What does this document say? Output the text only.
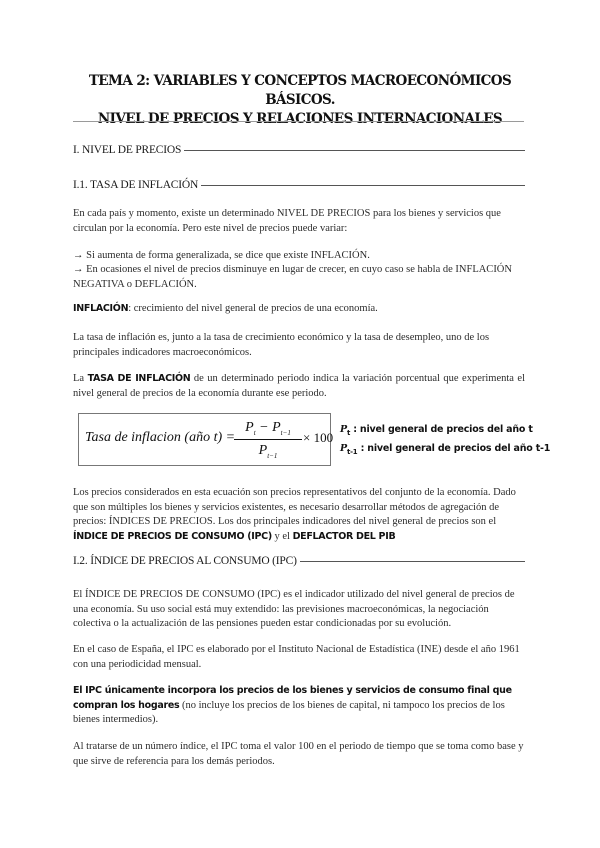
TEMA 2: VARIABLES Y CONCEPTOS MACROECONÓMICOS BÁSICOS.
NIVEL DE PRECIOS Y RELACIONES INTERNACIONALES
I. NIVEL DE PRECIOS
I.1. TASA DE INFLACIÓN

En cada país y momento, existe un determinado NIVEL DE PRECIOS para los bienes y servicios que circulan por la economía. Pero este nivel de precios puede variar:

→ Si aumenta de forma generalizada, se dice que existe INFLACIÓN.

→ En ocasiones el nivel de precios disminuye en lugar de crecer, en cuyo caso se habla de INFLACIÓN NEGATIVA o DEFLACIÓN.

INFLACIÓN: crecimiento del nivel general de precios de una economía.

La tasa de inflación es, junto a la tasa de crecimiento económico y la tasa de desempleo, uno de los principales indicadores macroeconómicos.

La TASA DE INFLACIÓN de un determinado periodo indica la variación porcentual que experimenta el nivel general de precios de la economía durante ese periodo.

Tasa de inflacion (año t) =
$P_t - P_{t-1}$
$P_{t-1}$
× 100
$P_t$ : nivel general de precios del año t
$P_{t-1}$ : nivel general de precios del año t-1

Los precios considerados en esta ecuación son precios representativos del conjunto de la economía. Dado que son múltiples los bienes y servicios existentes, es necesario desarrollar métodos de agregación de precios: ÍNDICES DE PRECIOS. Los dos principales indicadores del nivel general de precios son el ÍNDICE DE PRECIOS DE CONSUMO (IPC) y el DEFLACTOR DEL PIB

I.2. ÍNDICE DE PRECIOS AL CONSUMO (IPC)

El ÍNDICE DE PRECIOS DE CONSUMO (IPC) es el indicador utilizado del nivel general de precios de una economía. Su uso social está muy extendido: las previsiones macroeconómicas, la negociación colectiva o la actualización de las pensiones pueden estar condicionadas por su evolución.

En el caso de España, el IPC es elaborado por el Instituto Nacional de Estadística (INE) desde el año 1961 con una periodicidad mensual.

El IPC únicamente incorpora los precios de los bienes y servicios de consumo final que compran los hogares (no incluye los precios de los bienes de capital, ni tampoco los precios de los bienes intermedios).

Al tratarse de un número índice, el IPC toma el valor 100 en el periodo de tiempo que se toma como base y que sirve de referencia para los demás periodos.
